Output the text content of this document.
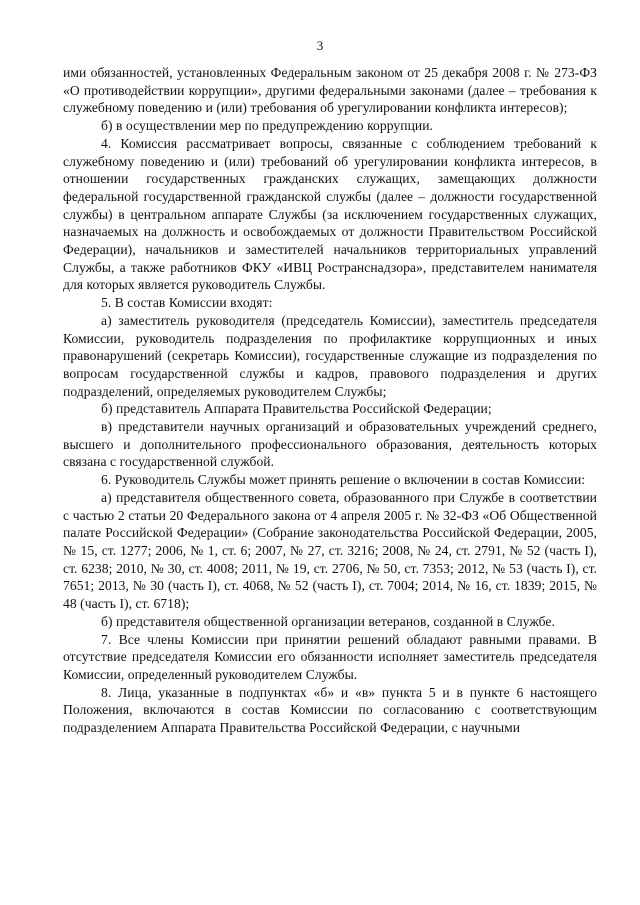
3

ими обязанностей, установленных Федеральным законом от 25 декабря 2008 г. № 273-ФЗ «О противодействии коррупции», другими федеральными законами (далее – требования к служебному поведению и (или) требования об урегулировании конфликта интересов);

б) в осуществлении мер по предупреждению коррупции.

4. Комиссия рассматривает вопросы, связанные с соблюдением требований к служебному поведению и (или) требований об урегулировании конфликта интересов, в отношении государственных гражданских служащих, замещающих должности федеральной государственной гражданской службы (далее – должности государственной службы) в центральном аппарате Службы (за исключением государственных служащих, назначаемых на должность и освобождаемых от должности Правительством Российской Федерации), начальников и заместителей начальников территориальных управлений Службы, а также работников ФКУ «ИВЦ Ространснадзора», представителем нанимателя для которых является руководитель Службы.

5. В состав Комиссии входят:

а) заместитель руководителя (председатель Комиссии), заместитель председателя Комиссии, руководитель подразделения по профилактике коррупционных и иных правонарушений (секретарь Комиссии), государственные служащие из подразделения по вопросам государственной службы и кадров, правового подразделения и других подразделений, определяемых руководителем Службы;

б) представитель Аппарата Правительства Российской Федерации;

в) представители научных организаций и образовательных учреждений среднего, высшего и дополнительного профессионального образования, деятельность которых связана с государственной службой.

6. Руководитель Службы может принять решение о включении в состав Комиссии:

а) представителя общественного совета, образованного при Службе в соответствии с частью 2 статьи 20 Федерального закона от 4 апреля 2005 г. № 32-ФЗ «Об Общественной палате Российской Федерации» (Собрание законодательства Российской Федерации, 2005, № 15, ст. 1277; 2006, № 1, ст. 6; 2007, № 27, ст. 3216; 2008, № 24, ст. 2791, № 52 (часть I), ст. 6238; 2010, № 30, ст. 4008; 2011, № 19, ст. 2706, № 50, ст. 7353; 2012, № 53 (часть I), ст. 7651; 2013, № 30 (часть I), ст. 4068, № 52 (часть I), ст. 7004; 2014, № 16, ст. 1839; 2015, № 48 (часть I), ст. 6718);

б) представителя общественной организации ветеранов, созданной в Службе.

7. Все члены Комиссии при принятии решений обладают равными правами. В отсутствие председателя Комиссии его обязанности исполняет заместитель председателя Комиссии, определенный руководителем Службы.

8. Лица, указанные в подпунктах «б» и «в» пункта 5 и в пункте 6 настоящего Положения, включаются в состав Комиссии по согласованию с соответствующим подразделением Аппарата Правительства Российской Федерации, с научными
